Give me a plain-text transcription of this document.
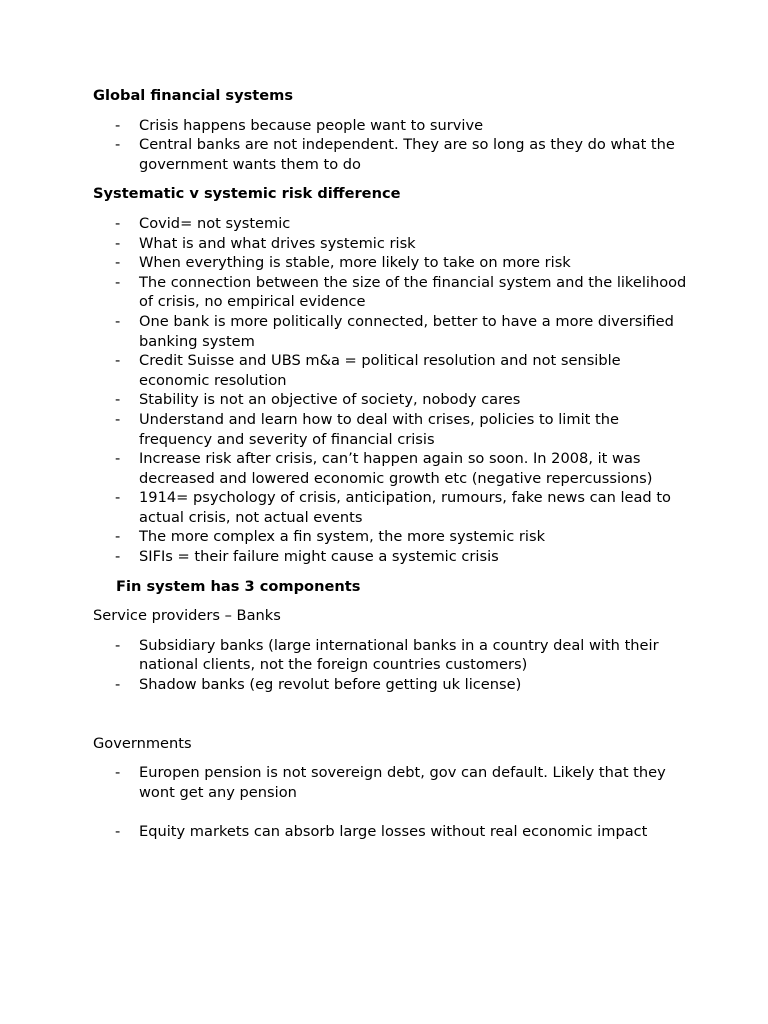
Global financial systems

- Crisis happens because people want to survive
- Central banks are not independent. They are so long as they do what the government wants them to do

Systematic v systemic risk difference

- Covid= not systemic
- What is and what drives systemic risk
- When everything is stable, more likely to take on more risk
- The connection between the size of the financial system and the likelihood of crisis, no empirical evidence
- One bank is more politically connected, better to have a more diversified banking system
- Credit Suisse and UBS m&a = political resolution and not sensible economic resolution
- Stability is not an objective of society, nobody cares
- Understand and learn how to deal with crises, policies to limit the frequency and severity of financial crisis
- Increase risk after crisis, can’t happen again so soon. In 2008, it was decreased and lowered economic growth etc (negative repercussions)
- 1914= psychology of crisis, anticipation, rumours, fake news can lead to actual crisis, not actual events
- The more complex a fin system, the more systemic risk
- SIFIs = their failure might cause a systemic crisis

Fin system has 3 components

Service providers – Banks

- Subsidiary banks (large international banks in a country deal with their national clients, not the foreign countries customers)
- Shadow banks (eg revolut before getting uk license)

Governments

- Europen pension is not sovereign debt, gov can default. Likely that they wont get any pension
- Equity markets can absorb large losses without real economic impact
